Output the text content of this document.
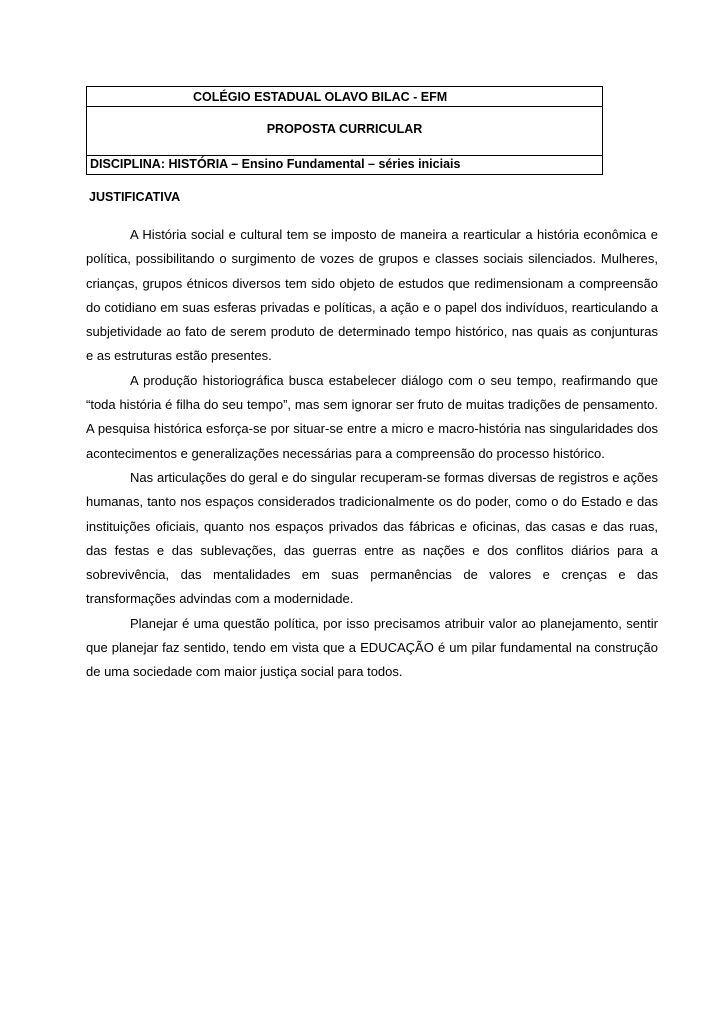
COLÉGIO ESTADUAL OLAVO BILAC - EFM
PROPOSTA CURRICULAR
DISCIPLINA: HISTÓRIA – Ensino Fundamental – séries iniciais
JUSTIFICATIVA

A História social e cultural tem se imposto de maneira a rearticular a história econômica e política, possibilitando o surgimento de vozes de grupos e classes sociais silenciados. Mulheres, crianças, grupos étnicos diversos tem sido objeto de estudos que redimensionam a compreensão do cotidiano em suas esferas privadas e políticas, a ação e o papel dos indivíduos, rearticulando a subjetividade ao fato de serem produto de determinado tempo histórico, nas quais as conjunturas e as estruturas estão presentes.

A produção historiográfica busca estabelecer diálogo com o seu tempo, reafirmando que “toda história é filha do seu tempo”, mas sem ignorar ser fruto de muitas tradições de pensamento. A pesquisa histórica esforça-se por situar-se entre a micro e macro-história nas singularidades dos acontecimentos e generalizações necessárias para a compreensão do processo histórico.

Nas articulações do geral e do singular recuperam-se formas diversas de registros e ações humanas, tanto nos espaços considerados tradicionalmente os do poder, como o do Estado e das instituições oficiais, quanto nos espaços privados das fábricas e oficinas, das casas e das ruas, das festas e das sublevações, das guerras entre as nações e dos conflitos diários para a sobrevivência, das mentalidades em suas permanências de valores e crenças e das transformações advindas com a modernidade.

Planejar é uma questão política, por isso precisamos atribuir valor ao planejamento, sentir que planejar faz sentido, tendo em vista que a EDUCAÇÃO é um pilar fundamental na construção de uma sociedade com maior justiça social para todos.
